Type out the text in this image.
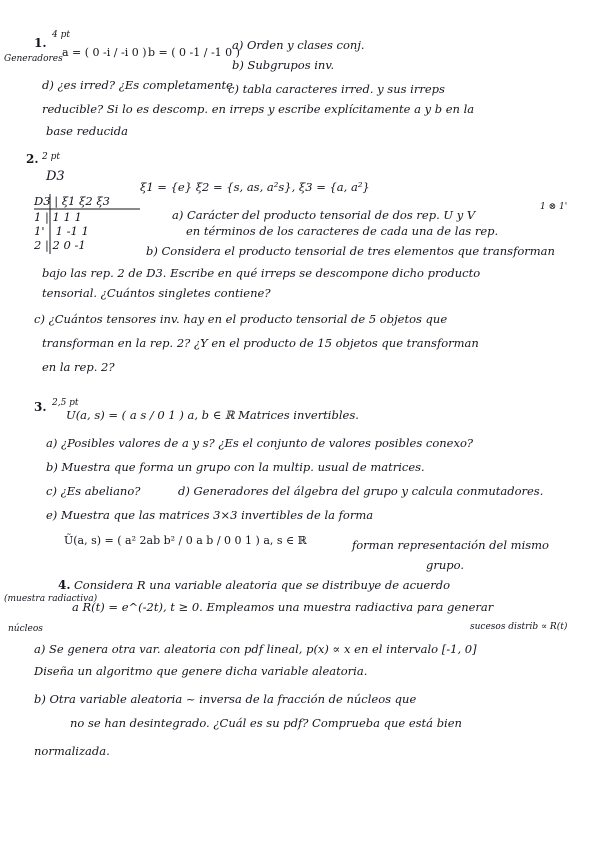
1.
4 pt
Generadores a = ( 0 -i / -i 0 ) b = ( 0 -1 / -1 0 )
a) Orden y clases conj.
b) Subgrupos inv.
d) ¿es irred? ¿Es completamente
c) tabla caracteres irred. y sus irreps
reducible? Si lo es descomp. en irreps y escribe explícitamente a y b en la
base reducida
2. 2 pt
D3
ξ1 = {e} ξ2 = {s, as, a²s}, ξ3 = {a, a²}
D3 | ξ1 ξ2 ξ3
1 | 1 1 1
1' | 1 -1 1
2 | 2 0 -1
a) Carácter del producto tensorial de dos rep. U y V
1 ⊗ 1'
en términos de los caracteres de cada una de las rep.
b) Considera el producto tensorial de tres elementos que transforman
bajo las rep. 2 de D3. Escribe en qué irreps se descompone dicho producto
tensorial. ¿Cuántos singletes contiene?
c) ¿Cuántos tensores inv. hay en el producto tensorial de 5 objetos que
transforman en la rep. 2? ¿Y en el producto de 15 objetos que transforman
en la rep. 2?
3. 2,5 pt
U(a, s) = ( a s / 0 1 ) a, b ∈ ℝ Matrices invertibles.
a) ¿Posibles valores de a y s? ¿Es el conjunto de valores posibles conexo?
b) Muestra que forma un grupo con la multip. usual de matrices.
c) ¿Es abeliano?	d) Generadores del álgebra del grupo y calcula conmutadores.
e) Muestra que las matrices 3×3 invertibles de la forma
Ũ(a, s) = ( a² 2ab b² / 0 a b / 0 0 1 ) a, s ∈ ℝ	forman representación del mismo
grupo.
4. Considera R una variable aleatoria que se distribuye de acuerdo
(muestra radiactiva)
a R(t) = e^(-2t), t ≥ 0. Empleamos una muestra radiactiva para generar
núcleos	sucesos distrib ∝ R(t)
a) Se genera otra var. aleatoria con pdf lineal, p(x) ∝ x en el intervalo [-1, 0]
Diseña un algoritmo que genere dicha variable aleatoria.
b) Otra variable aleatoria ~ inversa de la fracción de núcleos que
no se han desintegrado. ¿Cuál es su pdf? Comprueba que está bien
normalizada.
